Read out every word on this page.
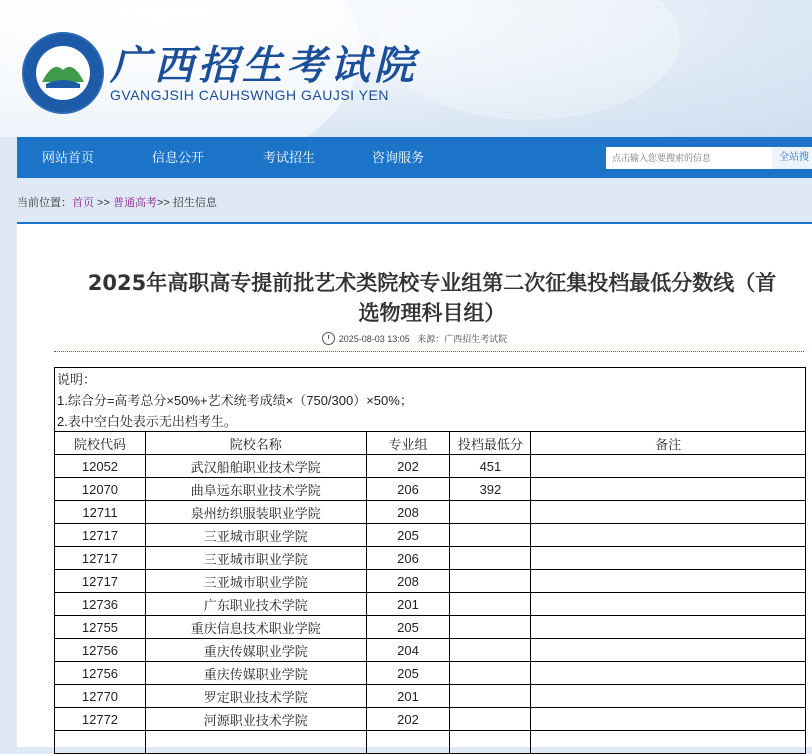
广西招生考试院
GVANGJSIH CAUHSWNGH GAUJSI YEN
网站首页	信息公开	考试招生	咨询服务	点击输入您要搜索的信息	全站搜
当前位置：首页 >> 普通高考>> 招生信息
2025年高职高专提前批艺术类院校专业组第二次征集投档最低分数线（首
选物理科目组）
2025-08-03 13:05 来源：广西招生考试院
说明：				
1.综合分=高考总分×50%+艺术统考成绩×（750/300）×50%；				
2.表中空白处表示无出档考生。				
院校代码	院校名称	专业组	投档最低分	备注
12052	武汉船舶职业技术学院	202	451	
12070	曲阜远东职业技术学院	206	392	
12711	泉州纺织服装职业学院	208		
12717	三亚城市职业学院	205		
12717	三亚城市职业学院	206		
12717	三亚城市职业学院	208		
12736	广东职业技术学院	201		
12755	重庆信息技术职业学院	205		
12756	重庆传媒职业学院	204		
12756	重庆传媒职业学院	205		
12770	罗定职业技术学院	201		
12772	河源职业技术学院	202		
